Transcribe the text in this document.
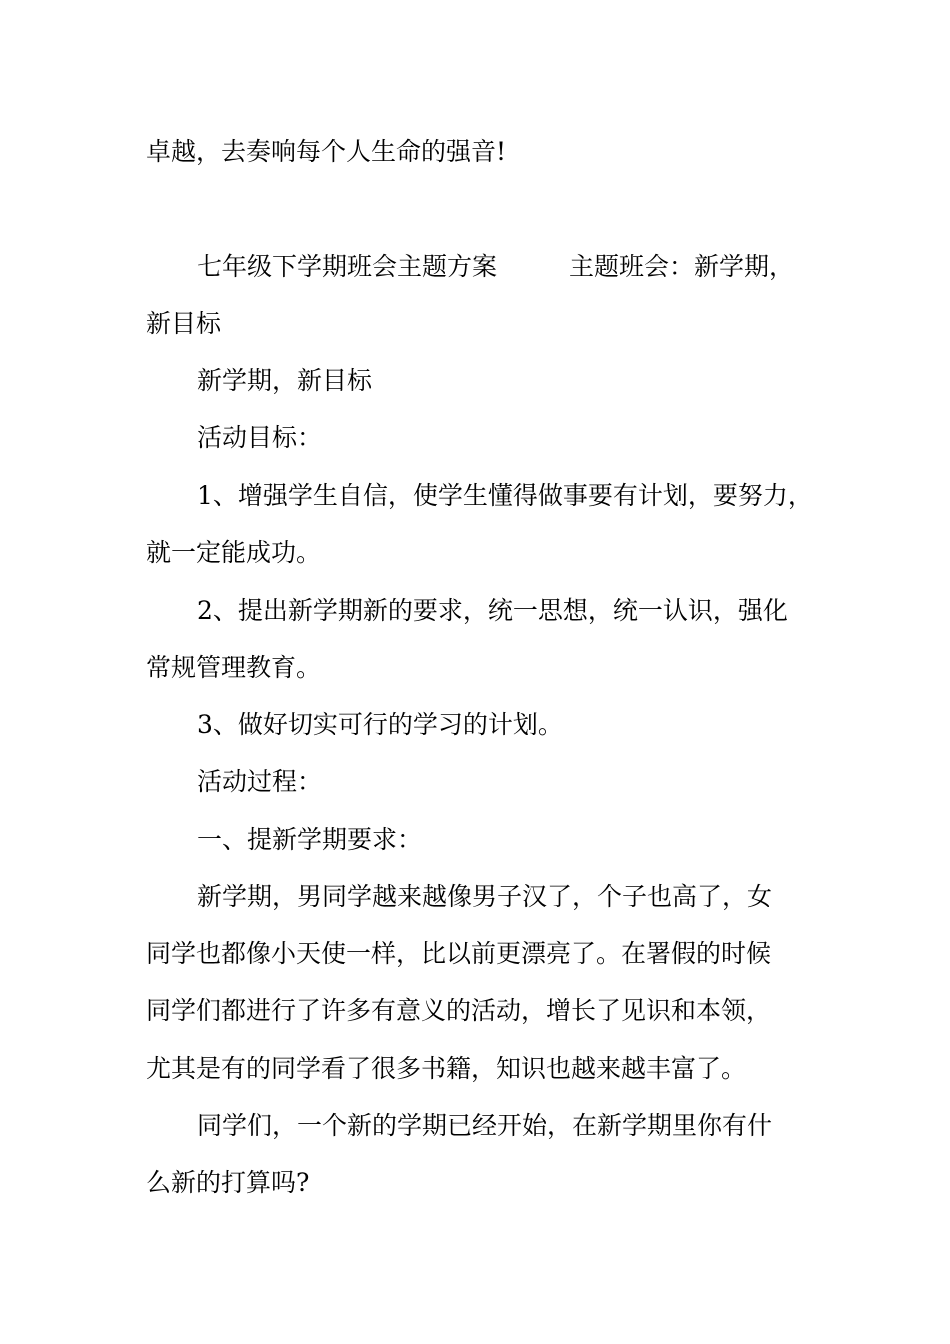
卓越，去奏响每个人生命的强音!
七年级下学期班会主题方案	主题班会：新学期，
新目标
新学期，新目标
活动目标：
1、增强学生自信，使学生懂得做事要有计划，要努力，
就一定能成功。
2、提出新学期新的要求，统一思想，统一认识，强化
常规管理教育。
3、做好切实可行的学习的计划。
活动过程：
一、提新学期要求：
新学期，男同学越来越像男子汉了，个子也高了，女
同学也都像小天使一样，比以前更漂亮了。在署假的时候
同学们都进行了许多有意义的活动，增长了见识和本领，
尤其是有的同学看了很多书籍，知识也越来越丰富了。
同学们，一个新的学期已经开始，在新学期里你有什
么新的打算吗?
